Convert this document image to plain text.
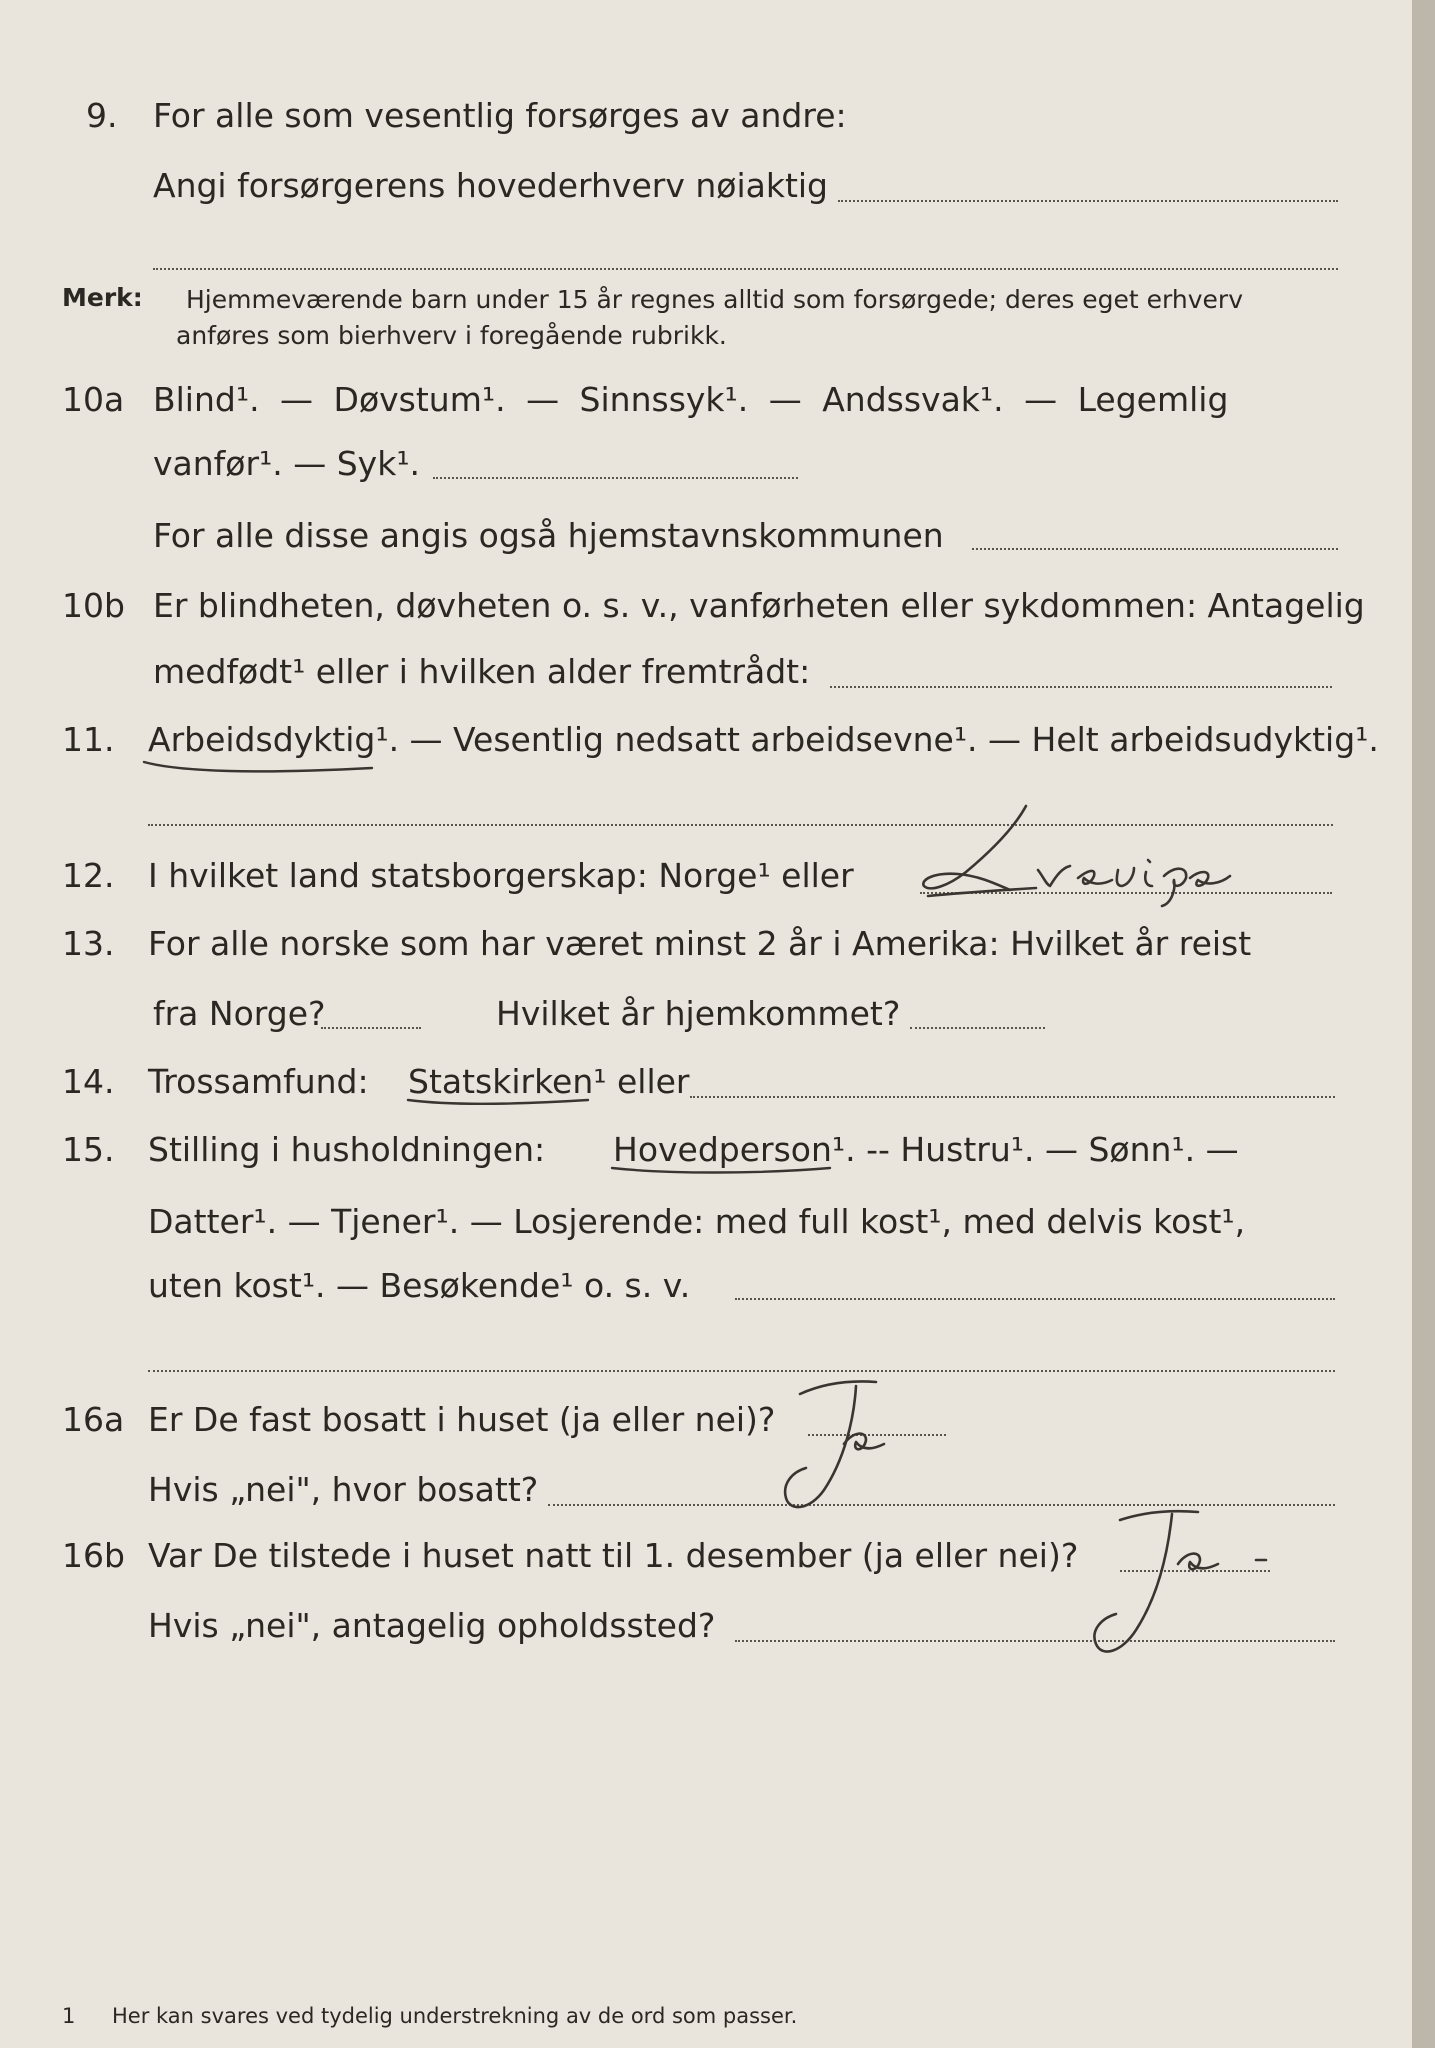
9. For alle som vesentlig forsørges av andre:
Angi forsørgerens hovederhverv nøiaktig
Merk: Hjemmeværende barn under 15 år regnes alltid som forsørgede; deres eget erhverv
anføres som bierhverv i foregående rubrikk.
10a Blind¹. — Døvstum¹. — Sinnssyk¹. — Andssvak¹. — Legemlig
vanfør¹. — Syk¹.
For alle disse angis også hjemstavnskommunen
10b Er blindheten, døvheten o. s. v., vanførheten eller sykdommen: Antagelig
medfødt¹ eller i hvilken alder fremtrådt:
11. Arbeidsdyktig¹. — Vesentlig nedsatt arbeidsevne¹. — Helt arbeidsudyktig¹.
12. I hvilket land statsborgerskap: Norge¹ eller
13. For alle norske som har været minst 2 år i Amerika: Hvilket år reist
fra Norge?	Hvilket år hjemkommet?
14. Trossamfund: Statskirken¹ eller
15. Stilling i husholdningen: Hovedperson¹. -- Hustru¹. — Sønn¹. —
Datter¹. — Tjener¹. — Losjerende: med full kost¹, med delvis kost¹,
uten kost¹. — Besøkende¹ o. s. v.
16a Er De fast bosatt i huset (ja eller nei)?
Hvis „nei", hvor bosatt?
16b Var De tilstede i huset natt til 1. desember (ja eller nei)?
Hvis „nei", antagelig opholdssted?
1 Her kan svares ved tydelig understrekning av de ord som passer.
